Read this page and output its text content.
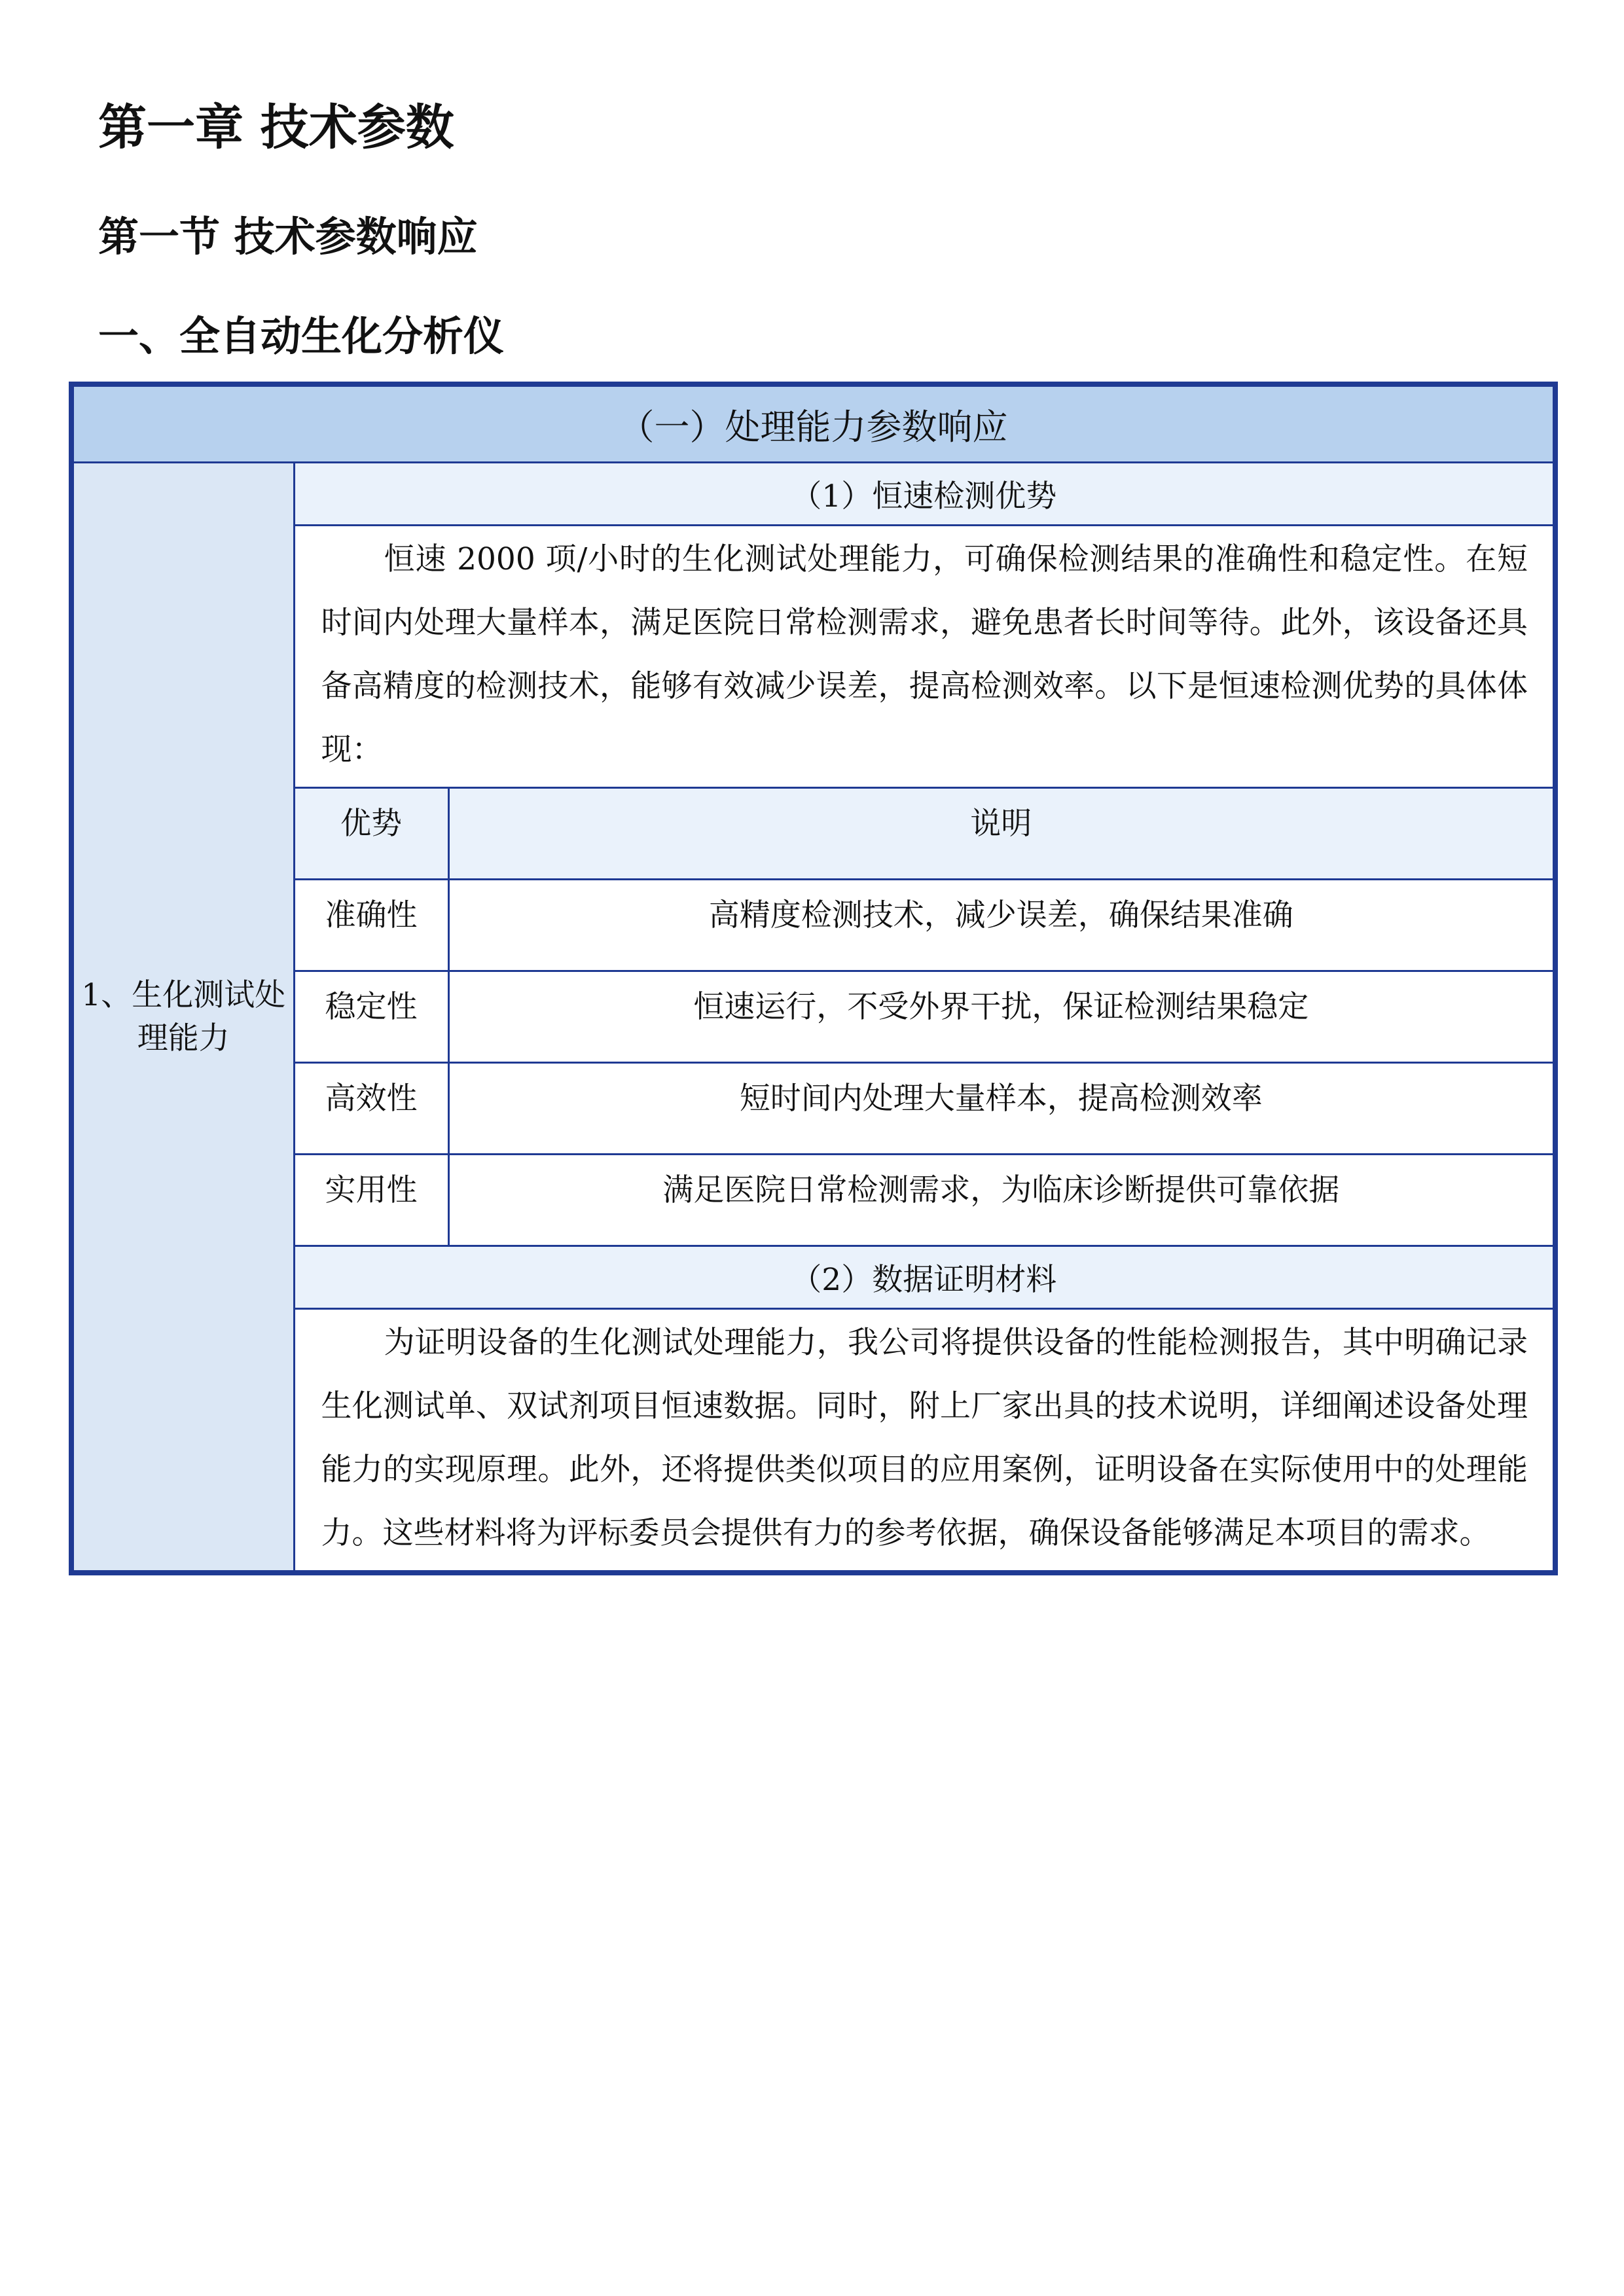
第一章 技术参数
第一节 技术参数响应
一、全自动生化分析仪
（一）处理能力参数响应
1、生化测试处理能力	（1）恒速检测优势

恒速 2000 项/小时的生化测试处理能力，可确保检测结果的准确性和稳定性。在短时间内处理大量样本，满足医院日常检测需求，避免患者长时间等待。此外，该设备还具备高精度的检测技术，能够有效减少误差，提高检测效率。以下是恒速检测优势的具体体现：

优势	说明
准确性	高精度检测技术，减少误差，确保结果准确
稳定性	恒速运行，不受外界干扰，保证检测结果稳定
高效性	短时间内处理大量样本，提高检测效率
实用性	满足医院日常检测需求，为临床诊断提供可靠依据

（2）数据证明材料

为证明设备的生化测试处理能力，我公司将提供设备的性能检测报告，其中明确记录生化测试单、双试剂项目恒速数据。同时，附上厂家出具的技术说明，详细阐述设备处理能力的实现原理。此外，还将提供类似项目的应用案例，证明设备在实际使用中的处理能力。这些材料将为评标委员会提供有力的参考依据，确保设备能够满足本项目的需求。
